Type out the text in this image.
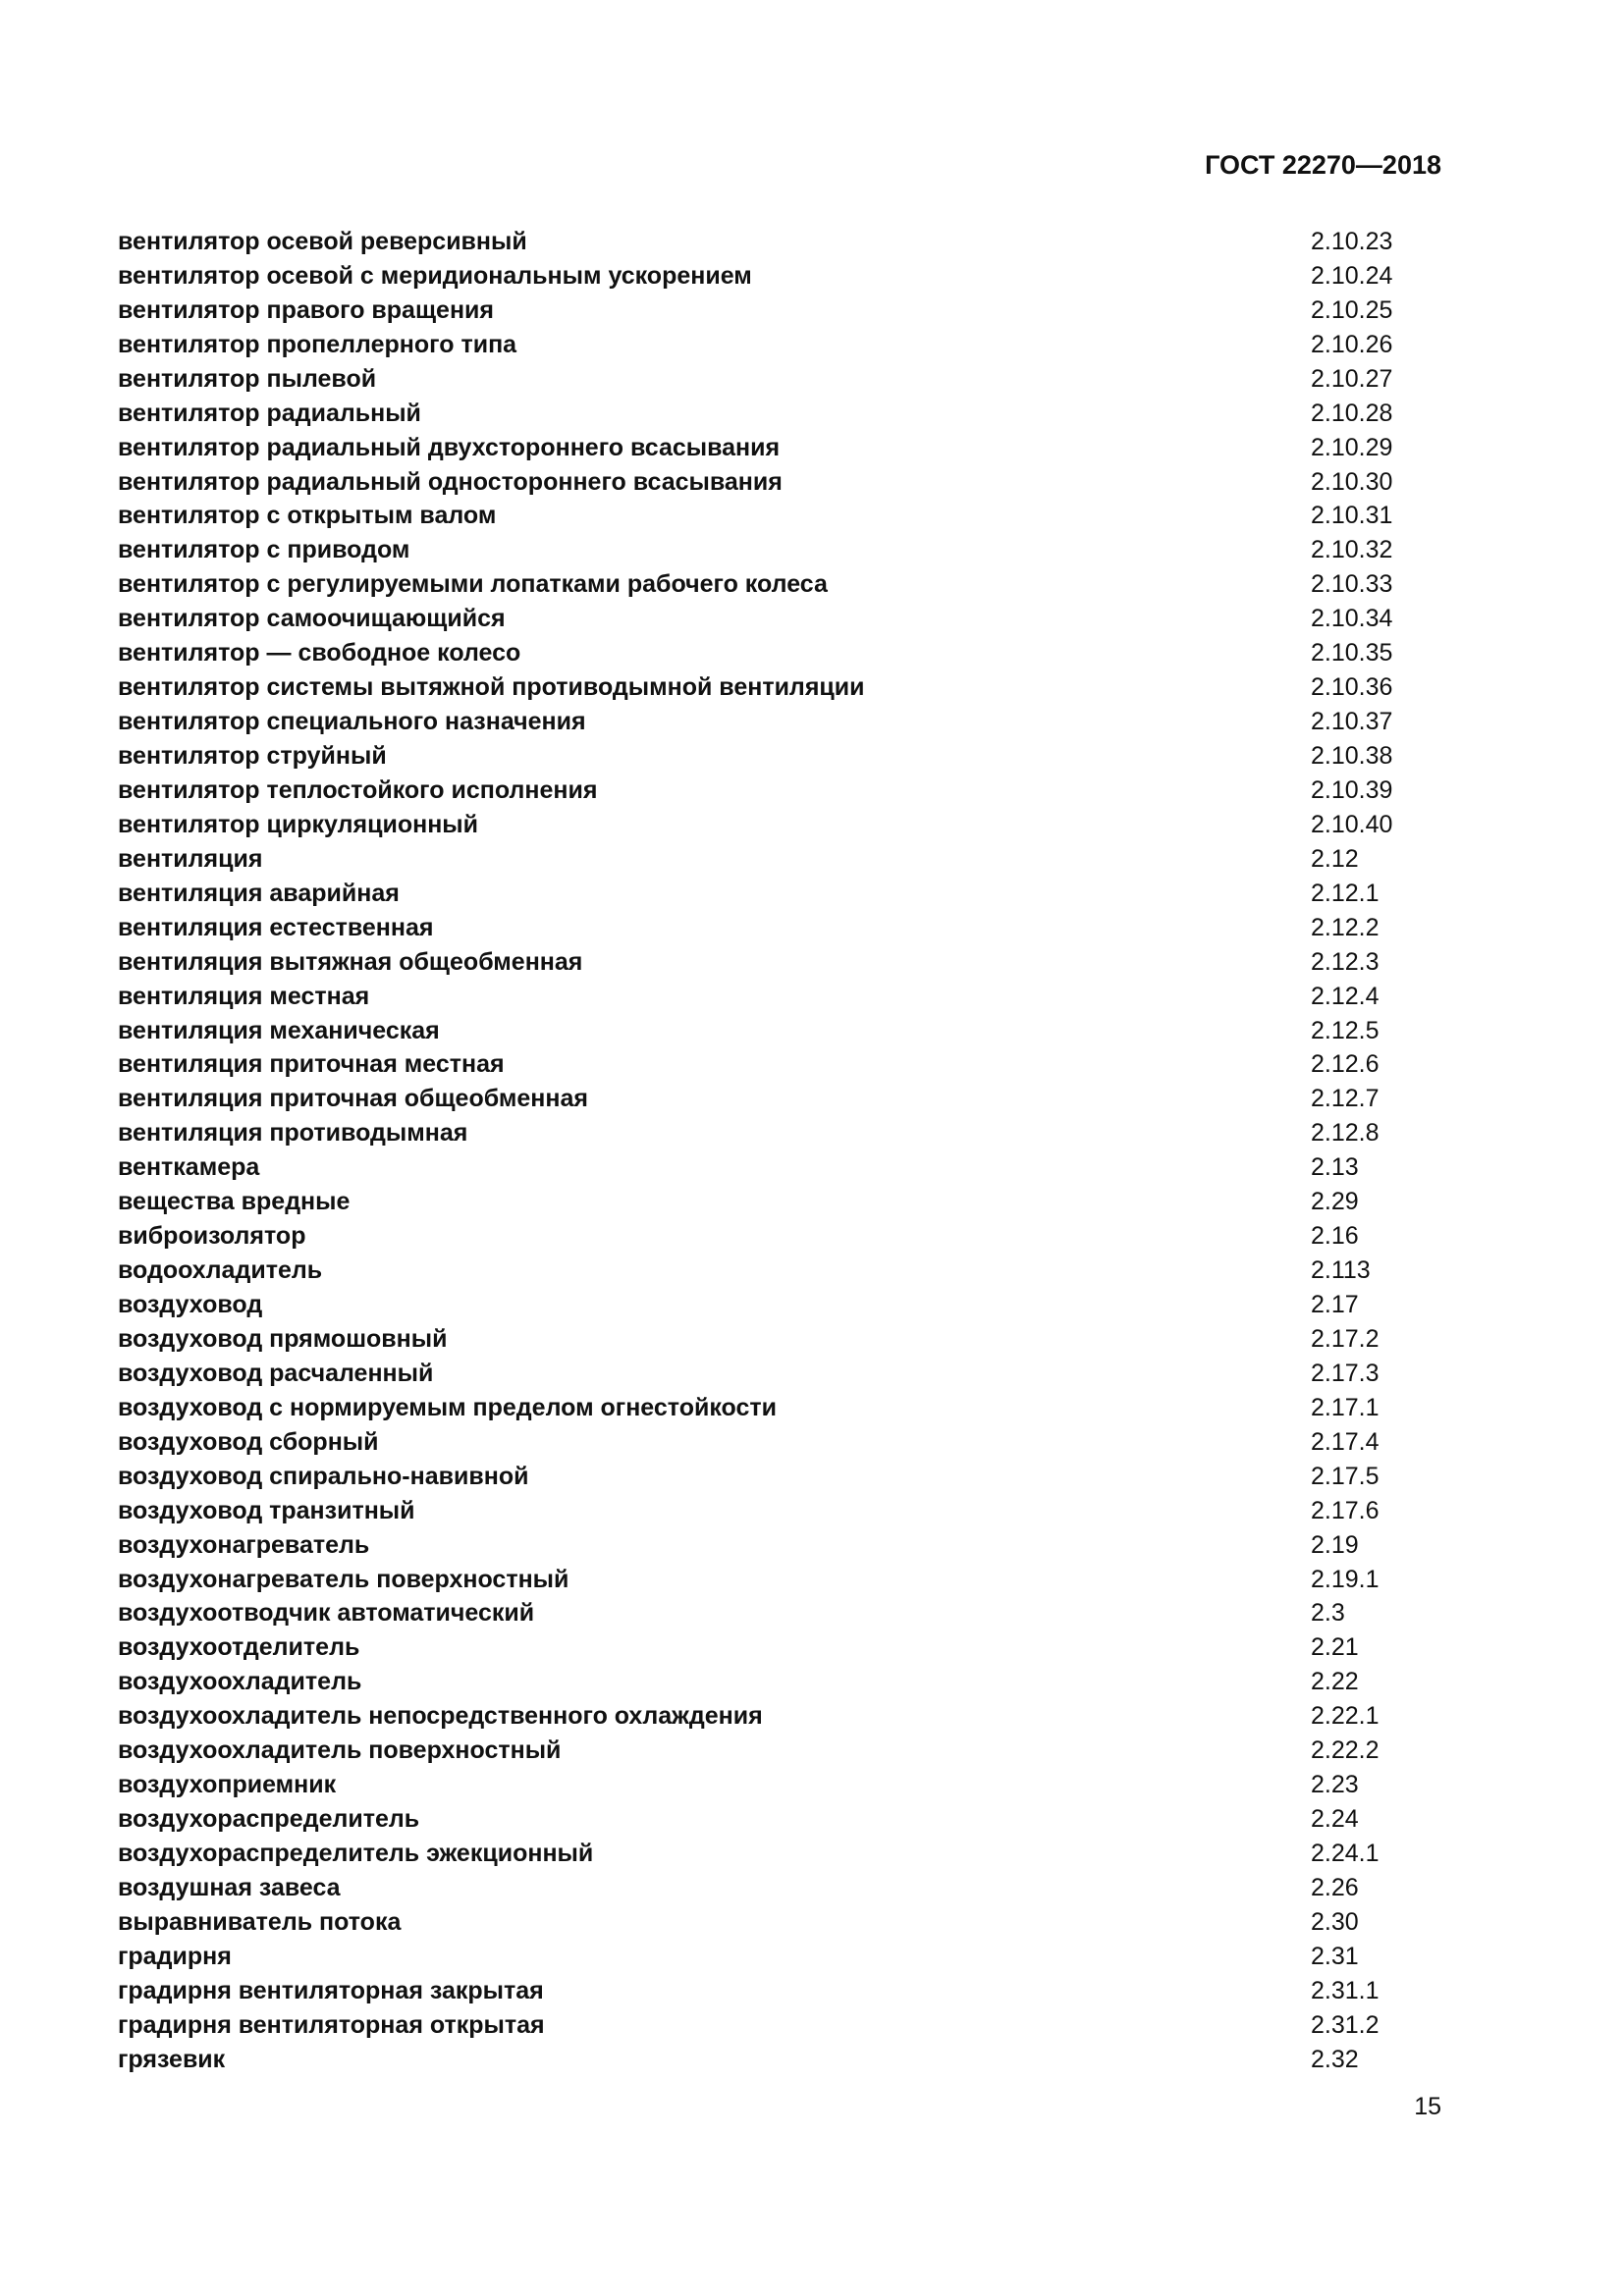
ГОСТ 22270—2018
вентилятор осевой реверсивный	2.10.23
вентилятор осевой с меридиональным ускорением	2.10.24
вентилятор правого вращения	2.10.25
вентилятор пропеллерного типа	2.10.26
вентилятор пылевой	2.10.27
вентилятор радиальный	2.10.28
вентилятор радиальный двухстороннего всасывания	2.10.29
вентилятор радиальный одностороннего всасывания	2.10.30
вентилятор с открытым валом	2.10.31
вентилятор с приводом	2.10.32
вентилятор с регулируемыми лопатками рабочего колеса	2.10.33
вентилятор самоочищающийся	2.10.34
вентилятор — свободное колесо	2.10.35
вентилятор системы вытяжной противодымной вентиляции	2.10.36
вентилятор специального назначения	2.10.37
вентилятор струйный	2.10.38
вентилятор теплостойкого исполнения	2.10.39
вентилятор циркуляционный	2.10.40
вентиляция	2.12
вентиляция аварийная	2.12.1
вентиляция естественная	2.12.2
вентиляция вытяжная общеобменная	2.12.3
вентиляция местная	2.12.4
вентиляция механическая	2.12.5
вентиляция приточная местная	2.12.6
вентиляция приточная общеобменная	2.12.7
вентиляция противодымная	2.12.8
венткамера	2.13
вещества вредные	2.29
виброизолятор	2.16
водоохладитель	2.113
воздуховод	2.17
воздуховод прямошовный	2.17.2
воздуховод расчаленный	2.17.3
воздуховод с нормируемым пределом огнестойкости	2.17.1
воздуховод сборный	2.17.4
воздуховод спирально-навивной	2.17.5
воздуховод транзитный	2.17.6
воздухонагреватель	2.19
воздухонагреватель поверхностный	2.19.1
воздухоотводчик автоматический	2.3
воздухоотделитель	2.21
воздухоохладитель	2.22
воздухоохладитель непосредственного охлаждения	2.22.1
воздухоохладитель поверхностный	2.22.2
воздухоприемник	2.23
воздухораспределитель	2.24
воздухораспределитель эжекционный	2.24.1
воздушная завеса	2.26
выравниватель потока	2.30
градирня	2.31
градирня вентиляторная закрытая	2.31.1
градирня вентиляторная открытая	2.31.2
грязевик	2.32
15
